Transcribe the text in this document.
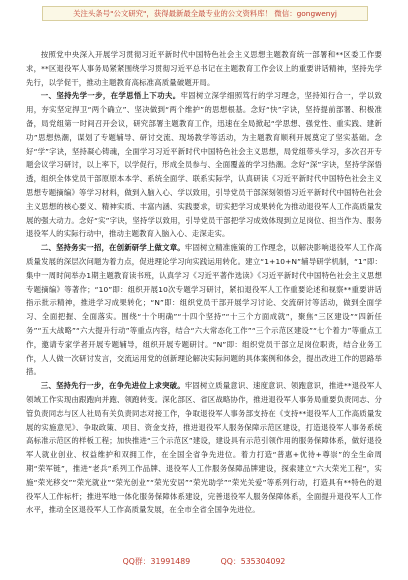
关注头条号"公文研究"，获得最新最全最专业的公文资料库！ 微信：gongwenyj

按照党中央深入开展学习贯彻习近平新时代中国特色社会主义思想主题教育统一部署和**区委工作要求，**区退役军人事务局紧紧围绕学习贯彻习近平总书记在主题教育工作会议上的重要讲话精神，坚持先学先行，以学促干，推动主题教育高标准高质量破题开局。

一、坚持先学一步，在学思悟上下功夫。牢固树立深学细照笃行的学习理念，坚持知行合一，学以致用，夯实坚定捍卫“两个确立”、坚决做到“两个维护”的思想根基。念好“快”字诀，坚持提前部署、积极准备，局党组第一时间召开会议，研究部署主题教育工作，迅速在全局掀起“学思想、强党性、重实践、建新功”思想热潮，谋划了专题辅导、研讨交流、现场教学等活动，为主题教育顺利开展奠定了坚实基础。念好“学”字诀，坚持凝心铸魂，全面学习习近平新时代中国特色社会主义思想，局党组带头学习，多次召开专题会议学习研讨，以上率下，以学促行，形成全员参与、全面覆盖的学习热潮。念好“深”字诀，坚持学深悟透，组织全体党员干部原原本本学、系统全面学、联系实际学，认真研读《习近平新时代中国特色社会主义思想专题摘编》等学习材料，做到入脑入心、学以致用，引导党员干部深刻领悟习近平新时代中国特色社会主义思想的核心要义、精神实质、丰富内涵、实践要求，切实把学习成果转化为推动退役军人工作高质量发展的强大动力。念好“实”字诀，坚持学以致用，引导党员干部把学习成效体现到立足岗位、担当作为、服务退役军人的实际行动中，推动主题教育入脑入心、走深走实。

二、坚持务实一招，在创新研学上做文章。牢固树立精准施策的工作理念，以解决影响退役军人工作高质量发展的深层次问题为着力点，促进理论学习向实践运用转化。建立“1+10+N”辅导研学机制，“1”即：集中一周时间举办1期主题教育读书班，认真学习《习近平著作选读》《习近平新时代中国特色社会主义思想专题摘编》等著作；“10”即：组织开展10次专题学习研讨，紧扣退役军人工作重要论述和视察**重要讲话指示批示精神，推进学习成果转化；“N”即：组织党员干部开展学习讨论、交流研讨等活动，做到全面学习、全面把握、全面落实。围绕“十个明确”“十四个坚持”“十三个方面成就”，聚焦“三区建设”“四新任务”“五大战略”“六大提升行动”等重点内容，结合“六大常态化工作”“三个示范区建设”“七个着力”等重点工作，邀请专家学者开展专题辅导，组织开展专题研讨。“N”即：组织党员干部立足岗位职责，结合业务工作，人人做一次研讨发言，交流运用党的创新理论解决实际问题的具体案例和体会，提出改进工作的思路举措。

三、坚持先行一步，在争先进位上求突破。牢固树立质量意识、速度意识、领跑意识，推进**退役军人领域工作实现由跟跑向并跑、领跑转变。深化部区、省区战略协作，推进退役军人事务局重要负责同志、分管负责同志与区人社局有关负责同志对接工作，争取退役军人事务部支持在《支持**退役军人工作高质量发展的实施意见》、争取政策、项目、资金支持，推进退役军人服务保障示范区建设，打造退役军人事务系统高标准示范区的样板工程；加快推进“三个示范区”建设，建设具有示范引领作用的服务保障体系，做好退役军人就业创业、权益维护和双拥工作，在全国全省争先进位。着力打造“普惠+优待+尊崇”的全生命周期“荣军链”，推进“老兵”系列工作品牌、退役军人工作服务保障品牌建设，探索建立“六大荣光工程”，实施“荣光移交”“荣光就业”“荣光创业”“荣光安居”“荣光助学”“荣光关爱”等系列行动，打造具有**特色的退役军人工作标杆；推进军地一体化服务保障体系建设，完善退役军人服务保障体系，全面提升退役军人工作水平，推动全区退役军人工作高质量发展，在全市全省全国争先进位。

QQ群：31991489	QQ：535304092
